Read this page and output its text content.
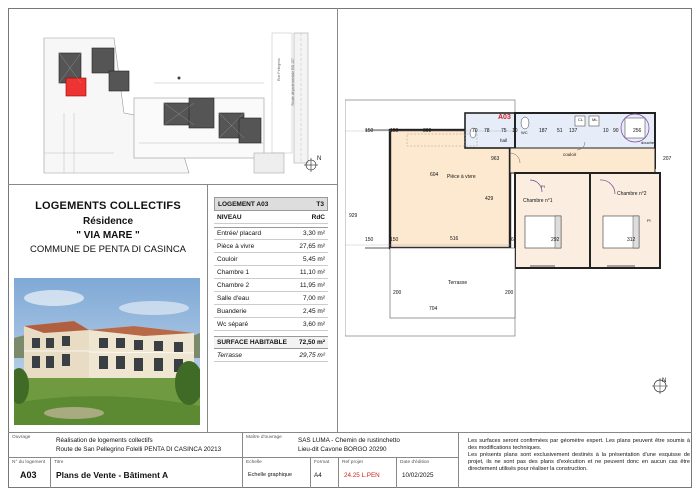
Rue Pellegrino	Route départementale RD 107
N
LOGEMENTS COLLECTIFS
Résidence
" VIA MARE "
COMMUNE DE PENTA DI CASINCA
LOGEMENT A03	T3
NIVEAU	RdC
Entrée/ placard	3,30 m²
Pièce à vivre	27,65 m²
Couloir	5,45 m²
Chambre 1	11,10 m²
Chambre 2	11,95 m²
Salle d'eau	7,00 m²
Buanderie	2,45 m²
Wc séparé	3,60 m²
SURFACE HABITABLE 72,50 m²
Terrasse	29,75 m²
A03
Pièce à vivre
Terrasse
Chambre n°1
Chambre n°2
couloir
hall	douche
WC
CL ML
PI
Pl
150	300
963
604
429
516	6
150	150
150
704
200	200
929
292	312
207
256
187 51 137
70 78 75	90
10	10
N
Ouvrage	Réalisation de logements collectifs
Route de San Pellegrino Folelli PENTA DI CASINCA 20213
Maître d'ouvrage	SAS LUMA - Chemin de rustinchetto
Lieu-dit Cavone BORGO 20290
Les surfaces seront confirmées par géomètre expert. Les plans peuvent être soumis à des modifications techniques.
Les présents plans sont exclusivement destinés à la présentation d'une esquisse de projet, ils ne sont pas des plans d'exécution et ne peuvent donc en aucun cas être directement utilisés pour réaliser la construction.
N° du logement
A03
Titre
Plans de Vente - Bâtiment A
Echelle
Echelle graphique
Format
A4
Ref projet
24.25 L.PEN
Date d'édition
10/02/2025
